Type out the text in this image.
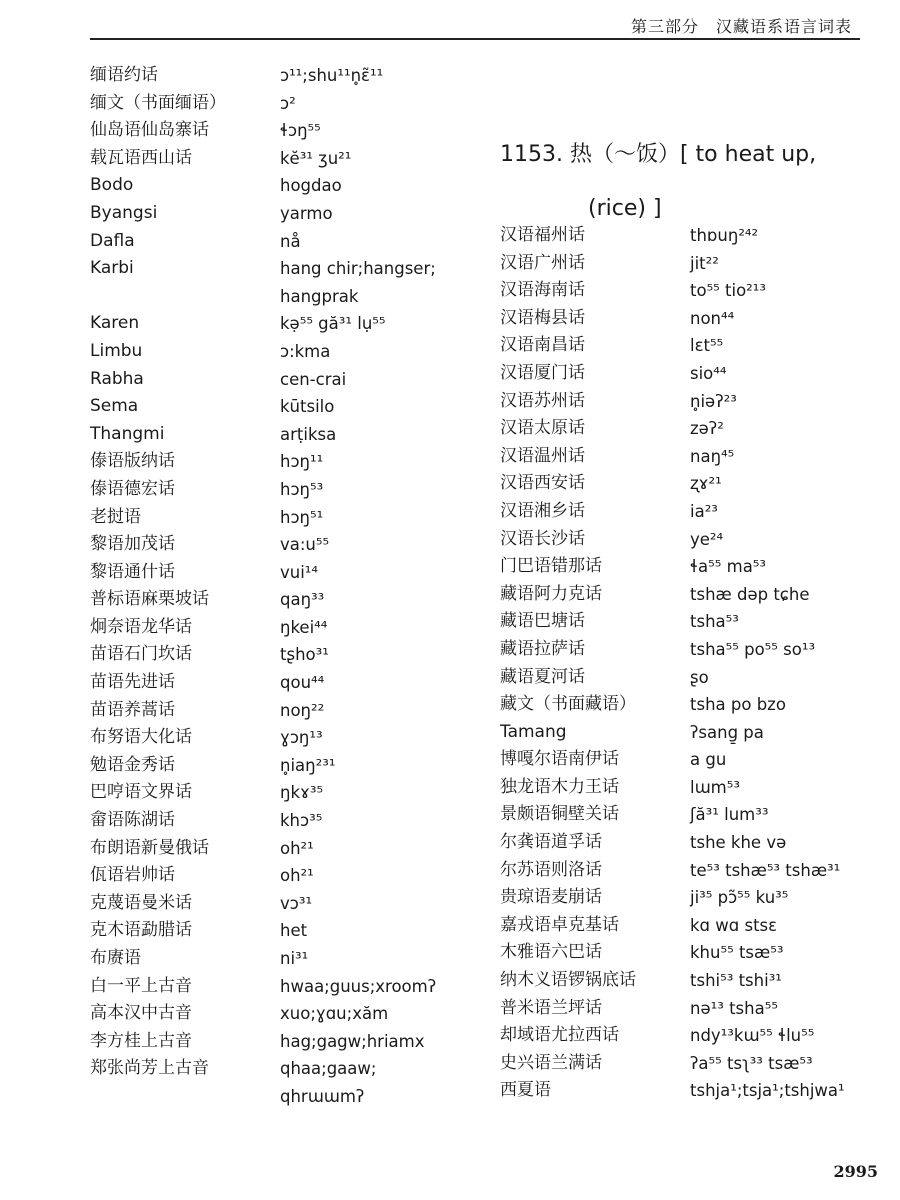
第三部分　汉藏语系语言词表
缅语约话	ɔ¹¹;shu¹¹n̥ɛ̃¹¹
缅文（书面缅语）	ɔ²
仙岛语仙岛寨话	ɬɔŋ⁵⁵
载瓦语西山话	kĕ³¹ ʒu²¹
Bodo	hogdao
Byangsi	yarmo
Dafla	nå
Karbi	hang chir;hangser;
hangprak
Karen	kə̣⁵⁵ gă³¹ lụ⁵⁵
Limbu	ɔ:kma
Rabha	cen-crai
Sema	kūtsilo
Thangmi	arṭiksa
傣语版纳话	hɔŋ¹¹
傣语德宏话	hɔŋ⁵³
老挝语	hɔŋ⁵¹
黎语加茂话	va:u⁵⁵
黎语通什话	vui¹⁴
普标语麻栗坡话	qaŋ³³
炯奈语龙华话	ŋkei⁴⁴
苗语石门坎话	tʂho³¹
苗语先进话	qou⁴⁴
苗语养蒿话	noŋ²²
布努语大化话	ɣɔŋ¹³
勉语金秀话	n̥iaŋ²³¹
巴哼语文界话	ŋkɤ³⁵
畲语陈湖话	khɔ³⁵
布朗语新曼俄话	oh²¹
佤语岩帅话	oh²¹
克蔑语曼米话	vɔ³¹
克木语勐腊话	het
布赓语	ni³¹
白一平上古音	hwaa;guus;xroomʔ
高本汉中古音	xuo;ɣɑu;xăm
李方桂上古音	hag;gagw;hriamx
郑张尚芳上古音	qhaa;gaaw;
qhrɯɯmʔ
1153. 热（～饭）[ to heat up,
(rice) ]
汉语福州话	thɒuŋ²⁴²
汉语广州话	jit²²
汉语海南话	to⁵⁵ tio²¹³
汉语梅县话	non⁴⁴
汉语南昌话	lɛt⁵⁵
汉语厦门话	sio⁴⁴
汉语苏州话	n̥iəʔ²³
汉语太原话	zəʔ²
汉语温州话	naŋ⁴⁵
汉语西安话	ʐɤ²¹
汉语湘乡话	ia²³
汉语长沙话	ye²⁴
门巴语错那话	ɬa⁵⁵ ma⁵³
藏语阿力克话	tshæ dəp tɕhe
藏语巴塘话	tsha⁵³
藏语拉萨话	tsha⁵⁵ po⁵⁵ so¹³
藏语夏河话	ʂo
藏文（书面藏语）	tsha po bzo
Tamang	ʔsang̱ pa
博嘎尔语南伊话	a gu
独龙语木力王话	lɯm⁵³
景颇语铜壁关话	ʃă³¹ lum³³
尔龚语道孚话	tshe khe və
尔苏语则洛话	te⁵³ tshæ⁵³ tshæ³¹
贵琼语麦崩话	ji³⁵ pɔ̃⁵⁵ ku³⁵
嘉戎语卓克基话	kɑ wɑ stsɛ
木雅语六巴话	khu⁵⁵ tsæ⁵³
纳木义语锣锅底话	tshi⁵³ tshi³¹
普米语兰坪话	nə¹³ tsha⁵⁵
却域语尤拉西话	ndy¹³kɯ⁵⁵ ɬlu⁵⁵
史兴语兰满话	ʔa⁵⁵ tsʅ³³ tsæ⁵³
西夏语	tshja¹;tsja¹;tshjwa¹
2995
